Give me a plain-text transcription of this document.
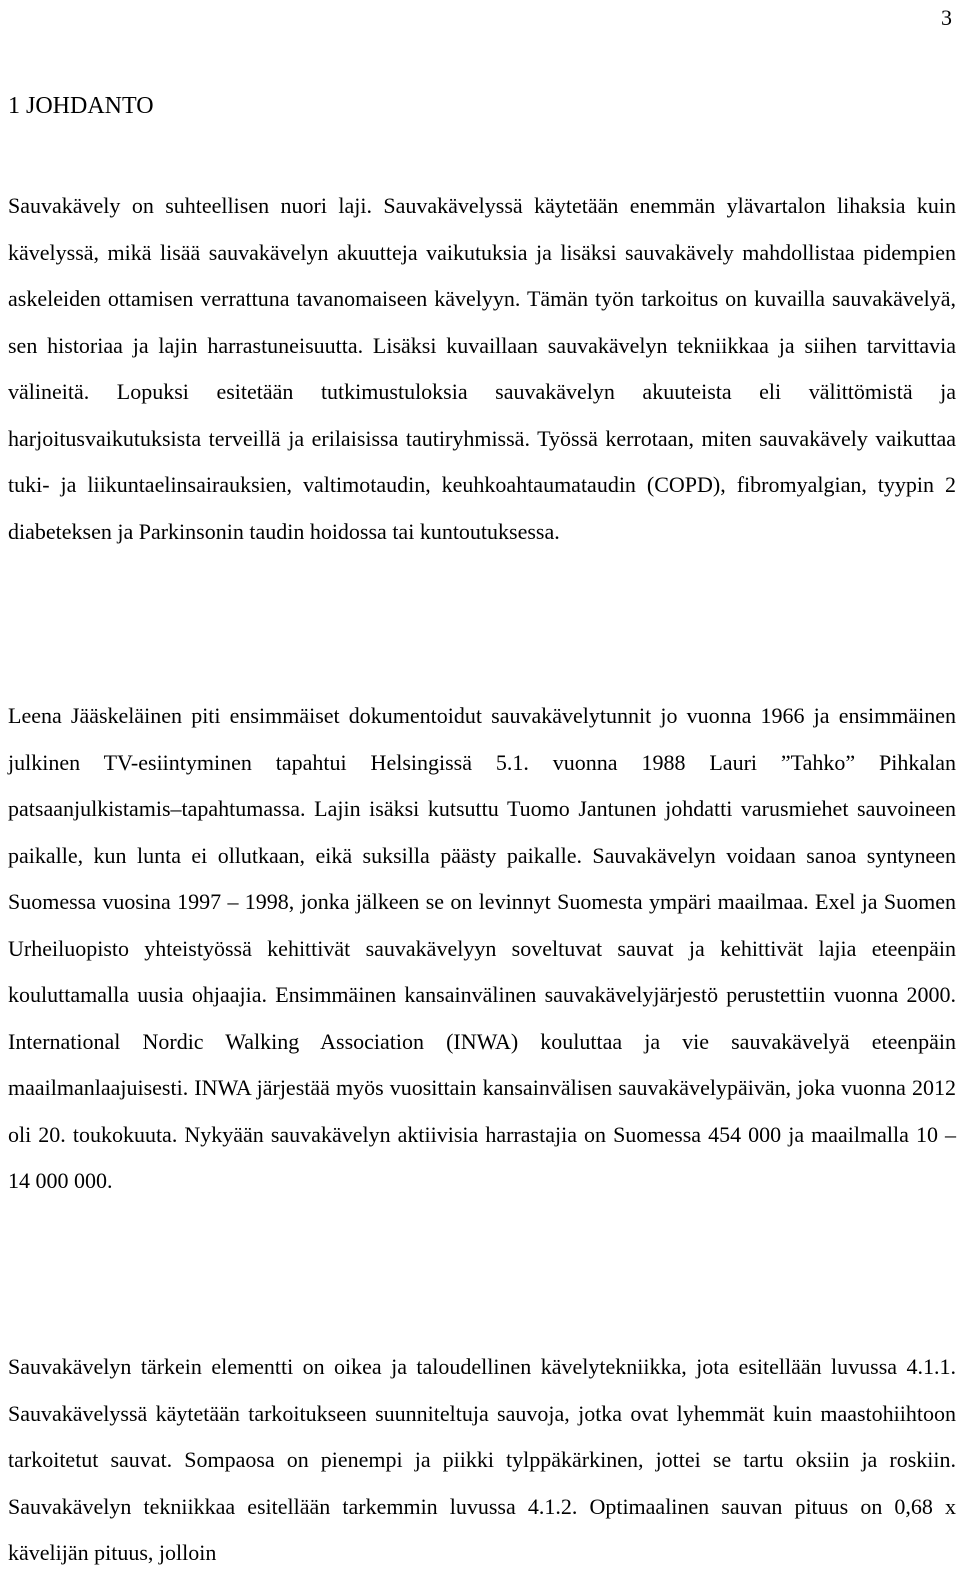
3
1 JOHDANTO

Sauvakävely on suhteellisen nuori laji. Sauvakävelyssä käytetään enemmän ylävartalon lihaksia kuin kävelyssä, mikä lisää sauvakävelyn akuutteja vaikutuksia ja lisäksi sauvakävely mahdollistaa pidempien askeleiden ottamisen verrattuna tavanomaiseen kävelyyn. Tämän työn tarkoitus on kuvailla sauvakävelyä, sen historiaa ja lajin harrastuneisuutta. Lisäksi kuvaillaan sauvakävelyn tekniikkaa ja siihen tarvittavia välineitä. Lopuksi esitetään tutkimustuloksia sauvakävelyn akuuteista eli välittömistä ja harjoitusvaikutuksista terveillä ja erilaisissa tautiryhmissä. Työssä kerrotaan, miten sauvakävely vaikuttaa tuki- ja liikuntaelinsairauksien, valtimotaudin, keuhkoahtaumataudin (COPD), fibromyalgian, tyypin 2 diabeteksen ja Parkinsonin taudin hoidossa tai kuntoutuksessa.

Leena Jääskeläinen piti ensimmäiset dokumentoidut sauvakävelytunnit jo vuonna 1966 ja ensimmäinen julkinen TV-esiintyminen tapahtui Helsingissä 5.1. vuonna 1988 Lauri ”Tahko” Pihkalan patsaanjulkistamis–tapahtumassa. Lajin isäksi kutsuttu Tuomo Jantunen johdatti varusmiehet sauvoineen paikalle, kun lunta ei ollutkaan, eikä suksilla päästy paikalle. Sauvakävelyn voidaan sanoa syntyneen Suomessa vuosina 1997 – 1998, jonka jälkeen se on levinnyt Suomesta ympäri maailmaa. Exel ja Suomen Urheiluopisto yhteistyössä kehittivät sauvakävelyyn soveltuvat sauvat ja kehittivät lajia eteenpäin kouluttamalla uusia ohjaajia. Ensimmäinen kansainvälinen sauvakävelyjärjestö perustettiin vuonna 2000. International Nordic Walking Association (INWA) kouluttaa ja vie sauvakävelyä eteenpäin maailmanlaajuisesti. INWA järjestää myös vuosittain kansainvälisen sauvakävelypäivän, joka vuonna 2012 oli 20. toukokuuta. Nykyään sauvakävelyn aktiivisia harrastajia on Suomessa 454 000 ja maailmalla 10 – 14 000 000.

Sauvakävelyn tärkein elementti on oikea ja taloudellinen kävelytekniikka, jota esitellään luvussa 4.1.1. Sauvakävelyssä käytetään tarkoitukseen suunniteltuja sauvoja, jotka ovat lyhemmät kuin maastohiihtoon tarkoitetut sauvat. Sompaosa on pienempi ja piikki tylppäkärkinen, jottei se tartu oksiin ja roskiin. Sauvakävelyn tekniikkaa esitellään tarkemmin luvussa 4.1.2. Optimaalinen sauvan pituus on 0,68 x kävelijän pituus, jolloin
